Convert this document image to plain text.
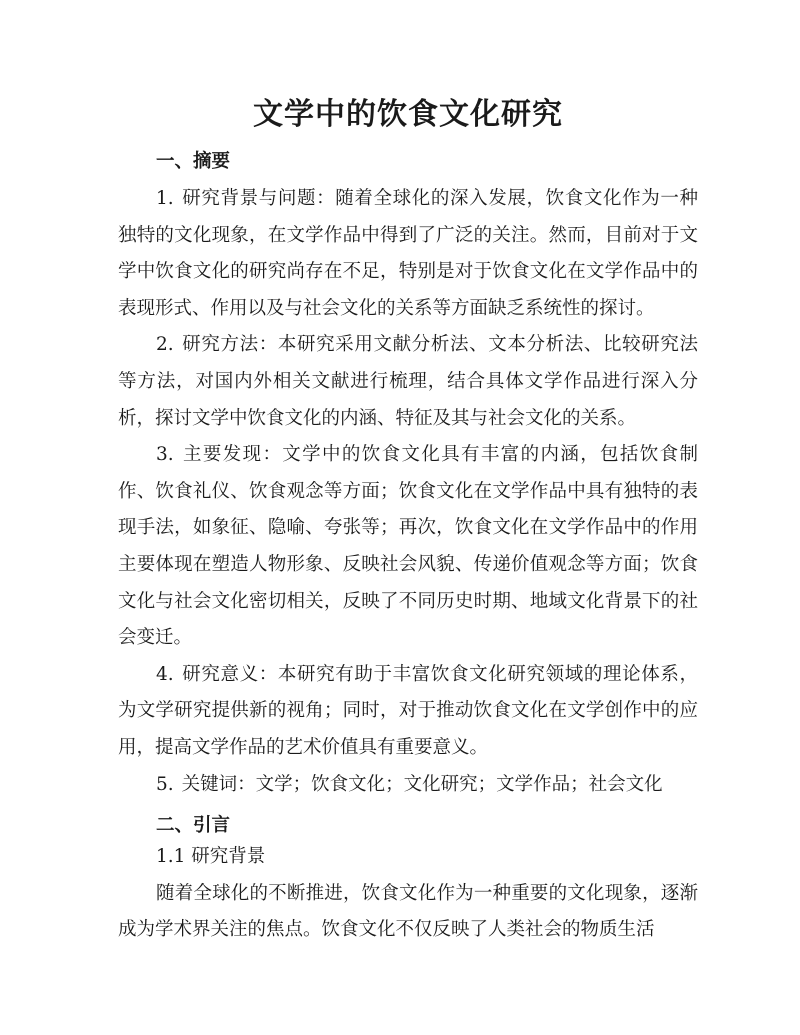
文学中的饮食文化研究
一、摘要

1. 研究背景与问题：随着全球化的深入发展，饮食文化作为一种独特的文化现象，在文学作品中得到了广泛的关注。然而，目前对于文学中饮食文化的研究尚存在不足，特别是对于饮食文化在文学作品中的表现形式、作用以及与社会文化的关系等方面缺乏系统性的探讨。

2. 研究方法：本研究采用文献分析法、文本分析法、比较研究法等方法，对国内外相关文献进行梳理，结合具体文学作品进行深入分析，探讨文学中饮食文化的内涵、特征及其与社会文化的关系。

3. 主要发现：文学中的饮食文化具有丰富的内涵，包括饮食制作、饮食礼仪、饮食观念等方面；饮食文化在文学作品中具有独特的表现手法，如象征、隐喻、夸张等；再次，饮食文化在文学作品中的作用主要体现在塑造人物形象、反映社会风貌、传递价值观念等方面；饮食文化与社会文化密切相关，反映了不同历史时期、地域文化背景下的社会变迁。

4. 研究意义：本研究有助于丰富饮食文化研究领域的理论体系，为文学研究提供新的视角；同时，对于推动饮食文化在文学创作中的应用，提高文学作品的艺术价值具有重要意义。

5. 关键词：文学；饮食文化；文化研究；文学作品；社会文化

二、引言
1.1 研究背景

随着全球化的不断推进，饮食文化作为一种重要的文化现象，逐渐成为学术界关注的焦点。饮食文化不仅反映了人类社会的物质生活
